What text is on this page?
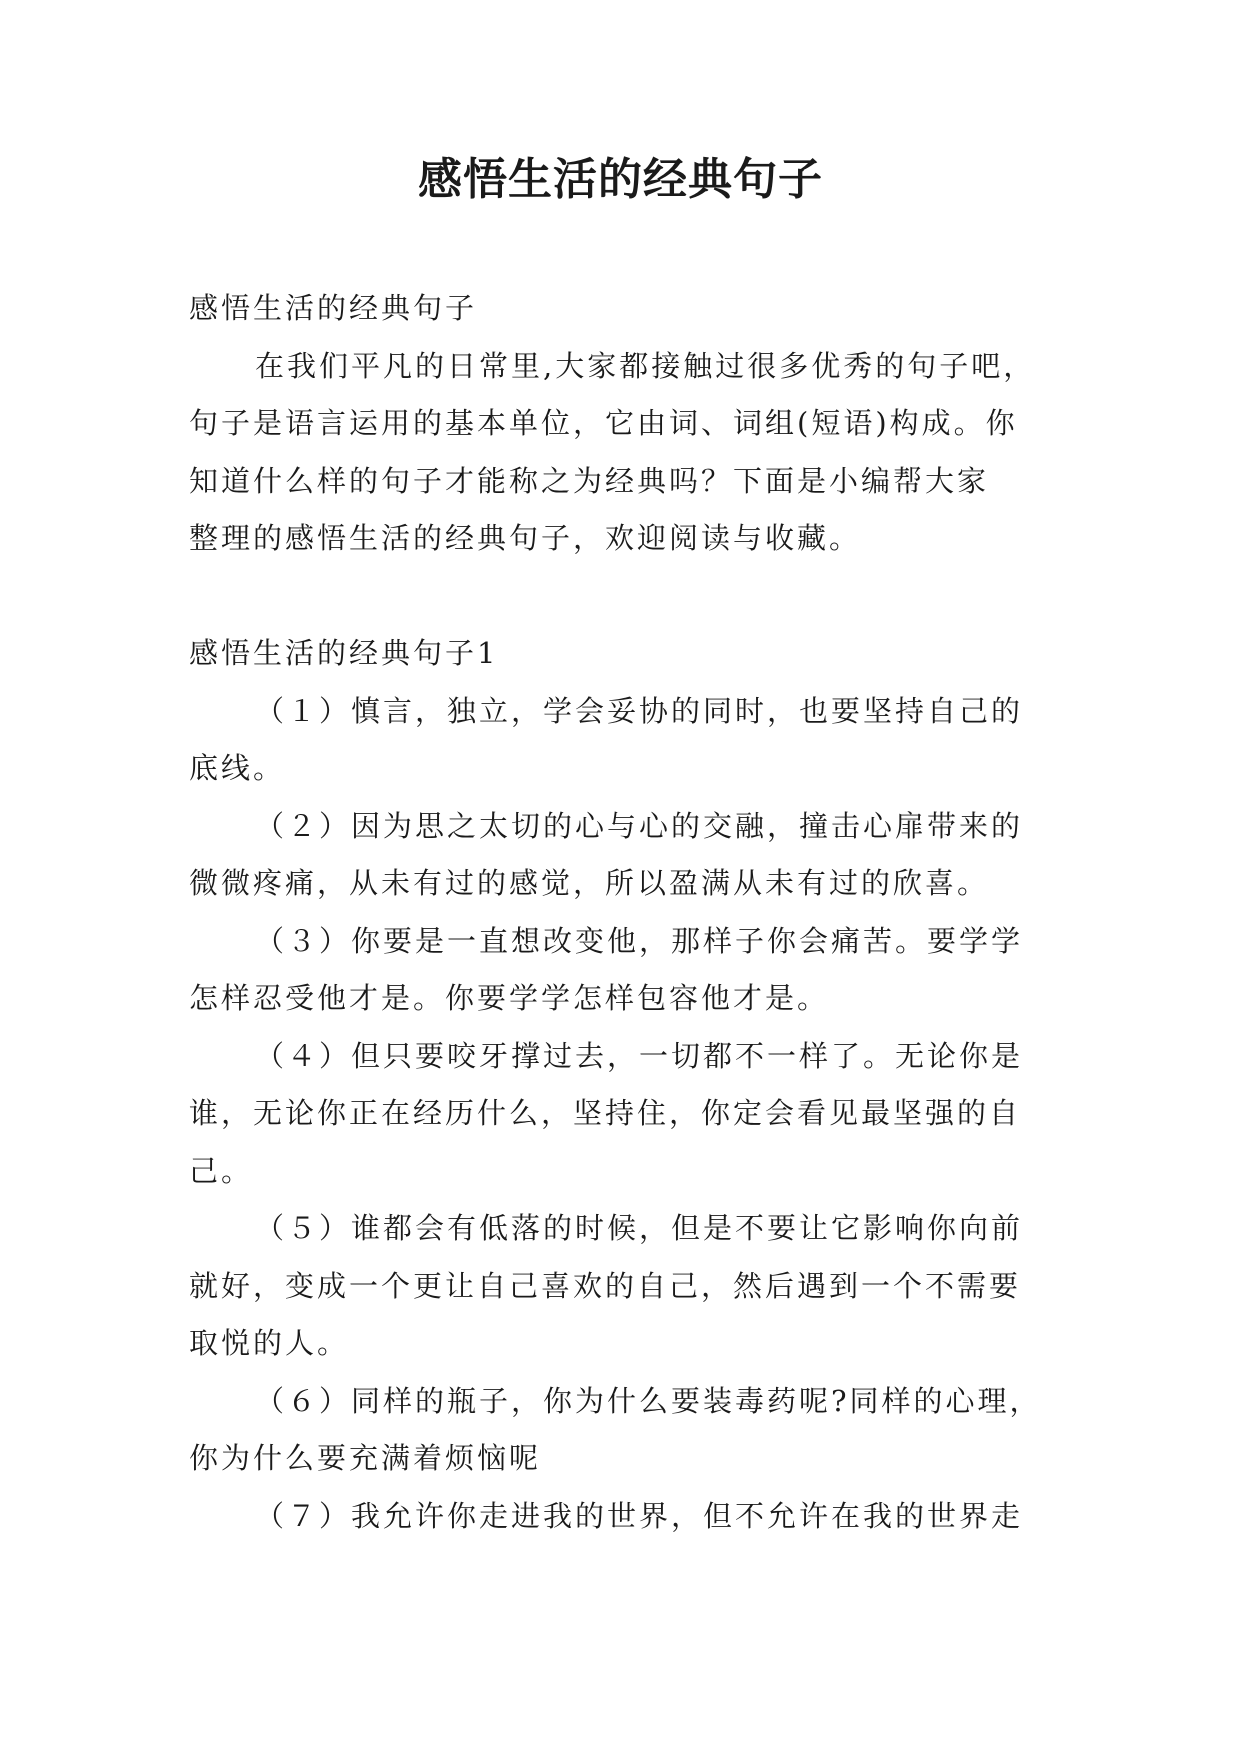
感悟生活的经典句子
感悟生活的经典句子
在我们平凡的日常里,大家都接触过很多优秀的句子吧，
句子是语言运用的基本单位，它由词、词组(短语)构成。你
知道什么样的句子才能称之为经典吗？下面是小编帮大家
整理的感悟生活的经典句子，欢迎阅读与收藏。
感悟生活的经典句子1
（１）慎言，独立，学会妥协的同时，也要坚持自己的
底线。
（２）因为思之太切的心与心的交融，撞击心扉带来的
微微疼痛，从未有过的感觉，所以盈满从未有过的欣喜。
（３）你要是一直想改变他，那样子你会痛苦。要学学
怎样忍受他才是。你要学学怎样包容他才是。
（４）但只要咬牙撑过去，一切都不一样了。无论你是
谁，无论你正在经历什么，坚持住，你定会看见最坚强的自
己。
（５）谁都会有低落的时候，但是不要让它影响你向前
就好，变成一个更让自己喜欢的自己，然后遇到一个不需要
取悦的人。
（６）同样的瓶子，你为什么要装毒药呢?同样的心理，
你为什么要充满着烦恼呢
（７）我允许你走进我的世界，但不允许在我的世界走
